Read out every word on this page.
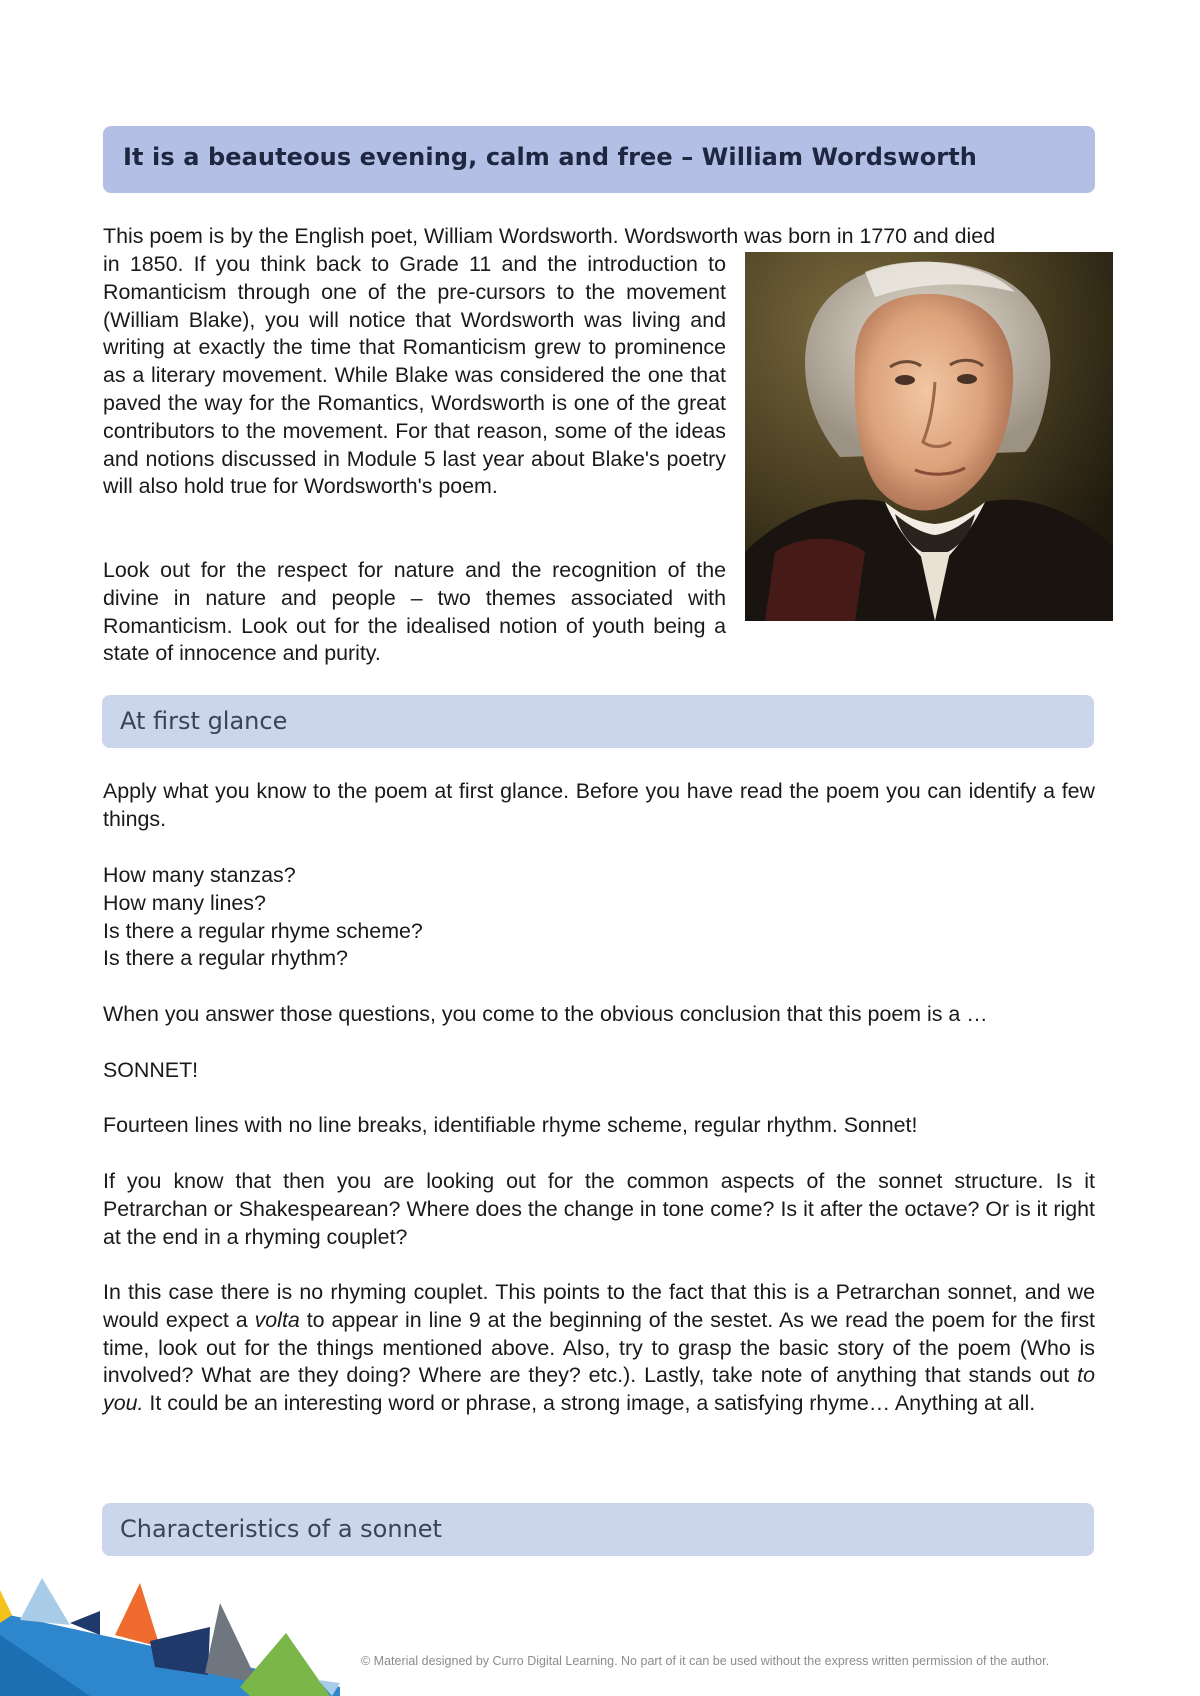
It is a beauteous evening, calm and free – William Wordsworth

This poem is by the English poet, William Wordsworth. Wordsworth was born in 1770 and died

in 1850. If you think back to Grade 11 and the introduction to Romanticism through one of the pre-cursors to the movement (William Blake), you will notice that Wordsworth was living and writing at exactly the time that Romanticism grew to prominence as a literary movement. While Blake was considered the one that paved the way for the Romantics, Wordsworth is one of the great contributors to the movement. For that reason, some of the ideas and notions discussed in Module 5 last year about Blake's poetry will also hold true for Wordsworth's poem.

Look out for the respect for nature and the recognition of the divine in nature and people – two themes associated with Romanticism. Look out for the idealised notion of youth being a state of innocence and purity.

At first glance

Apply what you know to the poem at first glance. Before you have read the poem you can identify a few things.

How many stanzas?
How many lines?
Is there a regular rhyme scheme?
Is there a regular rhythm?

When you answer those questions, you come to the obvious conclusion that this poem is a …

SONNET!

Fourteen lines with no line breaks, identifiable rhyme scheme, regular rhythm. Sonnet!

If you know that then you are looking out for the common aspects of the sonnet structure. Is it Petrarchan or Shakespearean? Where does the change in tone come? Is it after the octave? Or is it right at the end in a rhyming couplet?

In this case there is no rhyming couplet. This points to the fact that this is a Petrarchan sonnet, and we would expect a volta to appear in line 9 at the beginning of the sestet. As we read the poem for the first time, look out for the things mentioned above. Also, try to grasp the basic story of the poem (Who is involved? What are they doing? Where are they? etc.). Lastly, take note of anything that stands out to you. It could be an interesting word or phrase, a strong image, a satisfying rhyme… Anything at all.

Characteristics of a sonnet
© Material designed by Curro Digital Learning. No part of it can be used without the express written permission of the author.
